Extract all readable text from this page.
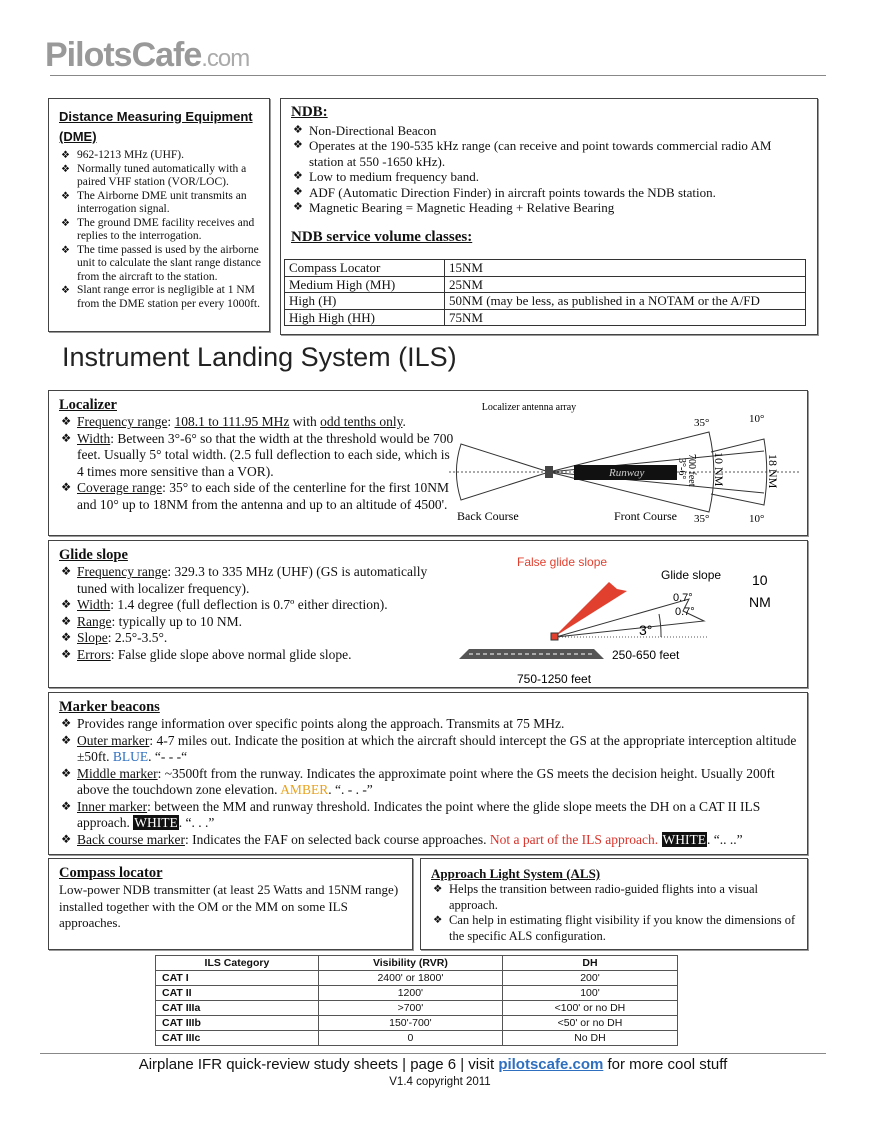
PilotsCafe.com
Distance Measuring Equipment (DME)
❖ 962-1213 MHz (UHF).
❖ Normally tuned automatically with a paired VHF station (VOR/LOC).
❖ The Airborne DME unit transmits an interrogation signal.
❖ The ground DME facility receives and replies to the interrogation.
❖ The time passed is used by the airborne unit to calculate the slant range distance from the aircraft to the station.
❖ Slant range error is negligible at 1 NM from the DME station per every 1000ft.
NDB:
❖ Non-Directional Beacon
❖ Operates at the 190-535 kHz range (can receive and point towards commercial radio AM station at 550 -1650 kHz).
❖ Low to medium frequency band.
❖ ADF (Automatic Direction Finder) in aircraft points towards the NDB station.
❖ Magnetic Bearing = Magnetic Heading + Relative Bearing
NDB service volume classes:
Compass Locator	15NM
Medium High (MH)	25NM
High (H)	50NM (may be less, as published in a NOTAM or the A/FD
High High (HH)	75NM
Instrument Landing System (ILS)
Localizer
❖ Frequency range: 108.1 to 111.95 MHz with odd tenths only.
❖ Width: Between 3°-6° so that the width at the threshold would be 700 feet. Usually 5° total width. (2.5 full deflection to each side, which is 4 times more sensitive than a VOR).
❖ Coverage range: 35° to each side of the centerline for the first 10NM and 10° up to 18NM from the antenna and up to an altitude of 4500'.
Runway
Localizer antenna array
Back Course	Front Course
35°	10°
35°	10°
700 feet
3°-6° 10 NM	18 NM
Glide slope
❖ Frequency range: 329.3 to 335 MHz (UHF) (GS is automatically tuned with localizer frequency).
❖ Width: 1.4 degree (full deflection is 0.7º either direction).
❖ Range: typically up to 10 NM.
❖ Slope: 2.5°-3.5°.
❖ Errors: False glide slope above normal glide slope.
False glide slope
Glide slope
0.7°
0.7°
3°
10
NM
250-650 feet
750-1250 feet
Marker beacons
❖ Provides range information over specific points along the approach. Transmits at 75 MHz.
❖ Outer marker: 4-7 miles out. Indicate the position at which the aircraft should intercept the GS at the appropriate interception altitude ±50ft. BLUE. “- - -“
❖ Middle marker: ~3500ft from the runway. Indicates the approximate point where the GS meets the decision height. Usually 200ft above the touchdown zone elevation. AMBER. “. - . -”
❖ Inner marker: between the MM and runway threshold. Indicates the point where the glide slope meets the DH on a CAT II ILS approach. WHITE. “. . .”
❖ Back course marker: Indicates the FAF on selected back course approaches. Not a part of the ILS approach. WHITE. “.. ..”
Compass locator

Low-power NDB transmitter (at least 25 Watts and 15NM range) installed together with the OM or the MM on some ILS approaches.

Approach Light System (ALS)
❖ Helps the transition between radio-guided flights into a visual approach.
❖ Can help in estimating flight visibility if you know the dimensions of the specific ALS configuration.
ILS Category	Visibility (RVR)	DH
CAT I	2400' or 1800'	200'
CAT II	1200'	100'
CAT IIIa	>700'	<100' or no DH
CAT IIIb	150'-700'	<50' or no DH
CAT IIIc	0	No DH
Airplane IFR quick-review study sheets | page 6 | visit pilotscafe.com for more cool stuff
V1.4 copyright 2011
